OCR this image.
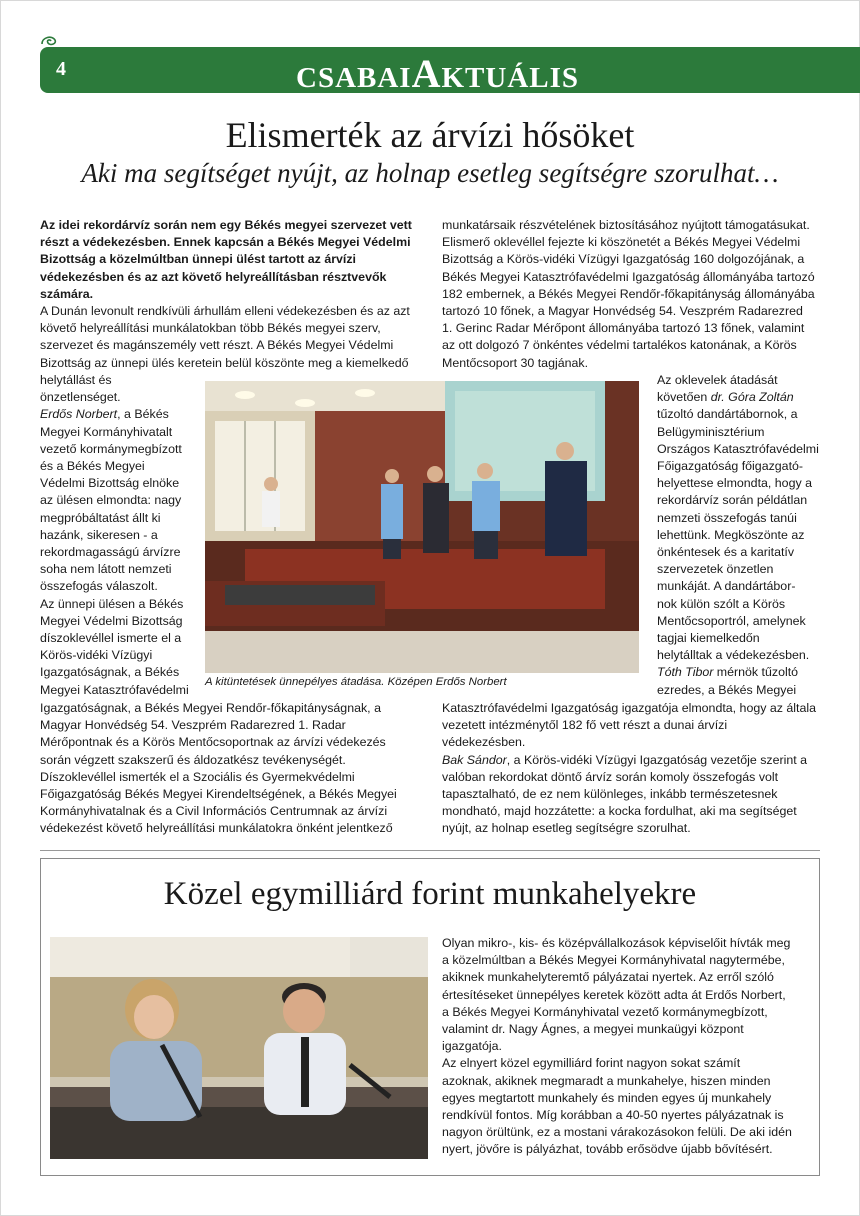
4	CSABAIAKTUÁLIS
Elismerték az árvízi hősöket
Aki ma segítséget nyújt, az holnap esetleg segítségre szorulhat…

Az idei rekordárvíz során nem egy Békés megyei szervezet vett

részt a védekezésben. Ennek kapcsán a Békés Megyei Védelmi

Bizottság a közelmúltban ünnepi ülést tartott az árvízi

védekezésben és az azt követő helyreállításban résztvevők

számára.

A Dunán levonult rendkívüli árhullám elleni védekezésben és az azt

követő helyreállítási munkálatokban több Békés megyei szerv,

szervezet és magánszemély vett részt. A Békés Megyei Védelmi

Bizottság az ünnepi ülés keretein belül köszönte meg a kiemelkedő

helytállást és

önzetlenséget.

Erdős Norbert, a Békés

Megyei Kormányhivatalt

vezető kormánymegbízott

és a Békés Megyei

Védelmi Bizottság elnöke

az ülésen elmondta: nagy

megpróbáltatást állt ki

hazánk, sikeresen - a

rekordmagasságú árvízre

soha nem látott nemzeti

összefogás válaszolt.

Az ünnepi ülésen a Békés

Megyei Védelmi Bizottság

díszoklevéllel ismerte el a

Körös-vidéki Vízügyi

Igazgatóságnak, a Békés

Megyei Katasztrófavédelmi

Igazgatóságnak, a Békés Megyei Rendőr-főkapitányságnak, a

Magyar Honvédség 54. Veszprém Radarezred 1. Radar

Mérőpontnak és a Körös Mentőcsoportnak az árvízi védekezés

során végzett szakszerű és áldozatkész tevékenységét.

Díszoklevéllel ismerték el a Szociális és Gyermekvédelmi

Főigazgatóság Békés Megyei Kirendeltségének, a Békés Megyei

Kormányhivatalnak és a Civil Információs Centrumnak az árvízi

védekezést követő helyreállítási munkálatokra önként jelentkező

munkatársaik részvételének biztosításához nyújtott támogatásukat.

Elismerő oklevéllel fejezte ki köszönetét a Békés Megyei Védelmi

Bizottság a Körös-vidéki Vízügyi Igazgatóság 160 dolgozójának, a

Békés Megyei Katasztrófavédelmi Igazgatóság állományába tartozó

182 embernek, a Békés Megyei Rendőr-főkapitányság állományába

tartozó 10 főnek, a Magyar Honvédség 54. Veszprém Radarezred

1. Gerinc Radar Mérőpont állományába tartozó 13 főnek, valamint

az ott dolgozó 7 önkéntes védelmi tartalékos katonának, a Körös

Mentőcsoport 30 tagjának.

Az oklevelek átadását

követően dr. Góra Zoltán

tűzoltó dandártábornok, a

Belügyminisztérium

Országos Katasztrófavédelmi

Főigazgatóság főigazgató-

helyettese elmondta, hogy a

rekordárvíz során példátlan

nemzeti összefogás tanúi

lehettünk. Megköszönte az

önkéntesek és a karitatív

szervezetek önzetlen

munkáját. A dandártábor-

nok külön szólt a Körös

Mentőcsoportról, amelynek

tagjai kiemelkedőn

helytálltak a védekezésben.

Tóth Tibor mérnök tűzoltó

ezredes, a Békés Megyei

Katasztrófavédelmi Igazgatóság igazgatója elmondta, hogy az általa

vezetett intézménytől 182 fő vett részt a dunai árvízi

védekezésben.

Bak Sándor, a Körös-vidéki Vízügyi Igazgatóság vezetője szerint a

valóban rekordokat döntő árvíz során komoly összefogás volt

tapasztalható, de ez nem különleges, inkább természetesnek

mondható, majd hozzátette: a kocka fordulhat, aki ma segítséget

nyújt, az holnap esetleg segítségre szorulhat.

A kitüntetések ünnepélyes átadása. Középen Erdős Norbert
Közel egymilliárd forint munkahelyekre

Olyan mikro-, kis- és középvállalkozások képviselőit hívták meg

a közelmúltban a Békés Megyei Kormányhivatal nagytermébe,

akiknek munkahelyteremtő pályázatai nyertek. Az erről szóló

értesítéseket ünnepélyes keretek között adta át Erdős Norbert,

a Békés Megyei Kormányhivatal vezető kormánymegbízott,

valamint dr. Nagy Ágnes, a megyei munkaügyi központ

igazgatója.

Az elnyert közel egymilliárd forint nagyon sokat számít

azoknak, akiknek megmaradt a munkahelye, hiszen minden

egyes megtartott munkahely és minden egyes új munkahely

rendkívül fontos. Míg korábban a 40-50 nyertes pályázatnak is

nagyon örültünk, ez a mostani várakozásokon felüli. De aki idén

nyert, jövőre is pályázhat, tovább erősödve újabb bővítésért.
